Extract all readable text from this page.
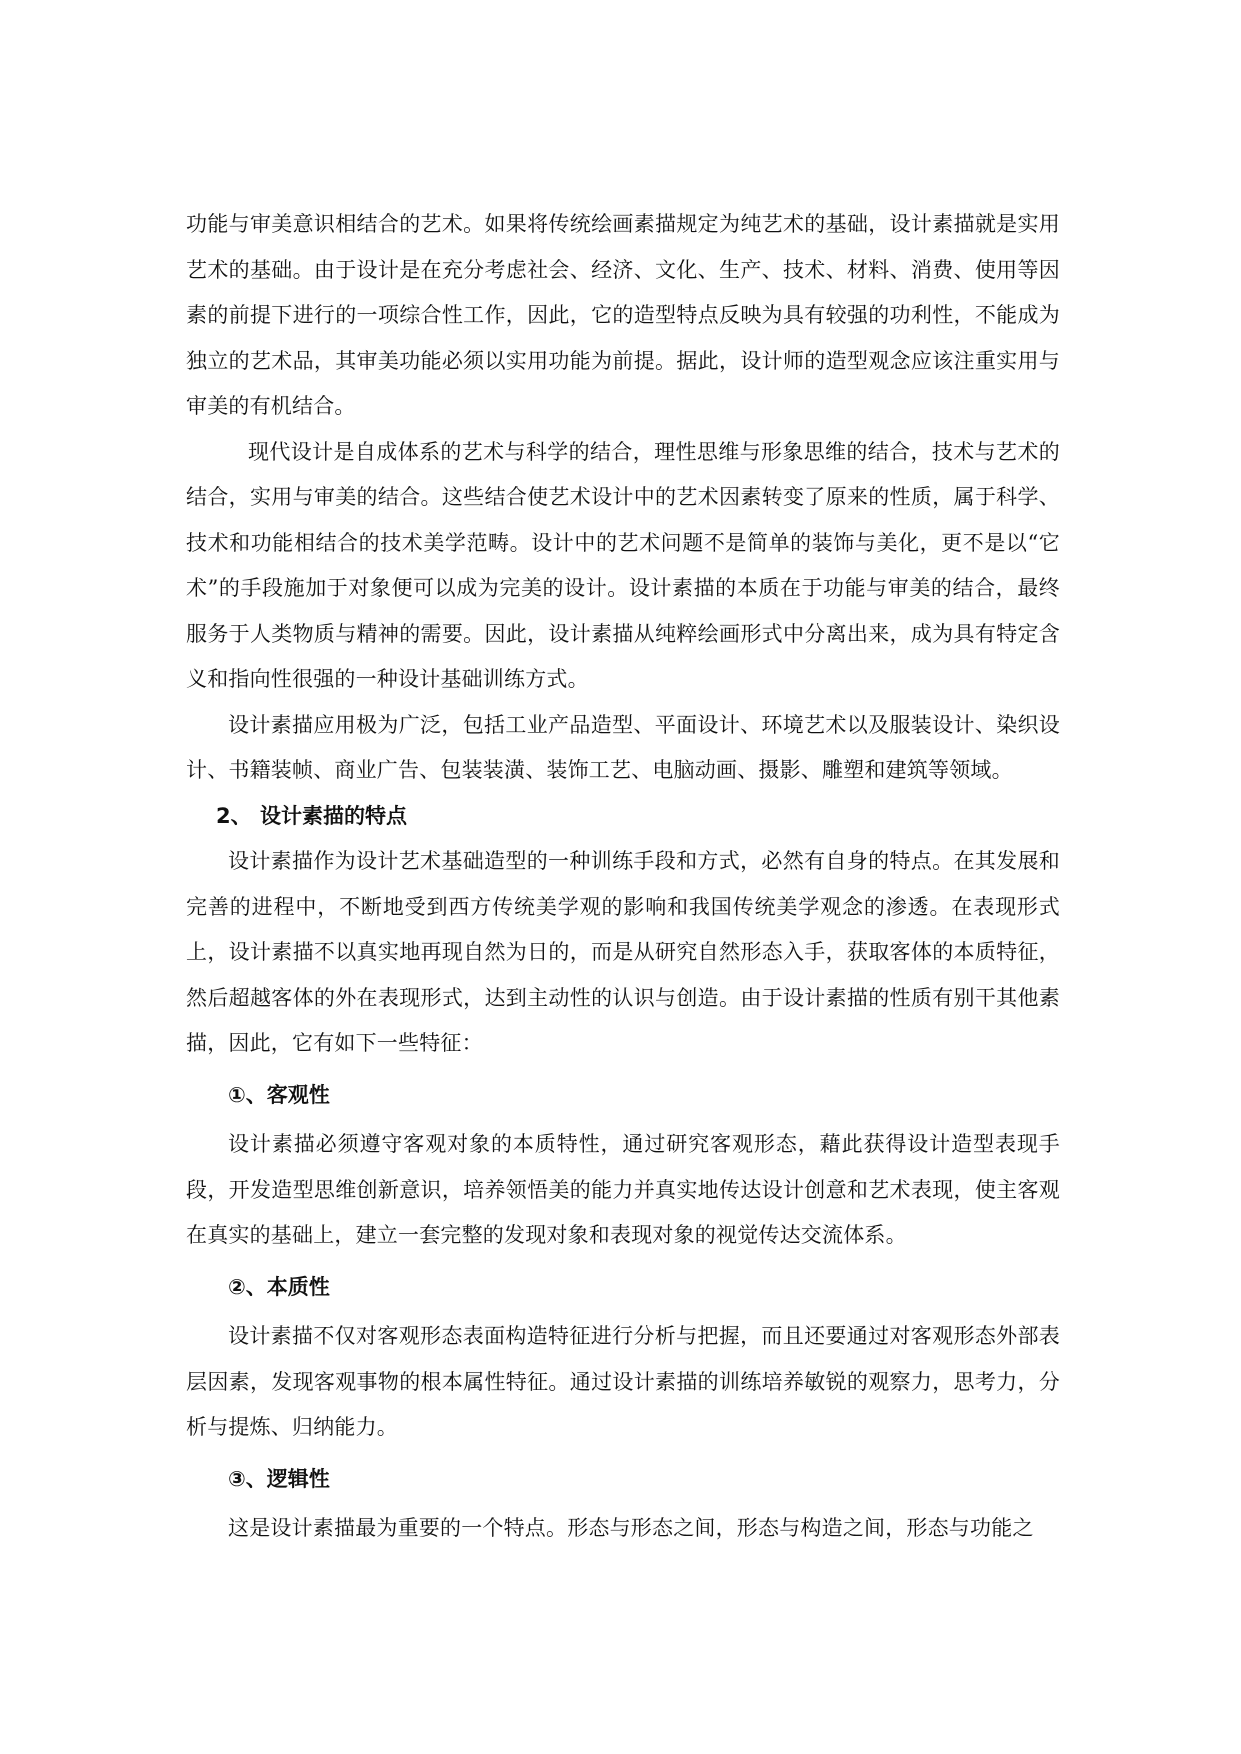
功能与审美意识相结合的艺术。如果将传统绘画素描规定为纯艺术的基础，设计素描就是实用艺术的基础。由于设计是在充分考虑社会、经济、文化、生产、技术、材料、消费、使用等因素的前提下进行的一项综合性工作，因此，它的造型特点反映为具有较强的功利性，不能成为独立的艺术品，其审美功能必须以实用功能为前提。据此，设计师的造型观念应该注重实用与审美的有机结合。

现代设计是自成体系的艺术与科学的结合，理性思维与形象思维的结合，技术与艺术的结合，实用与审美的结合。这些结合使艺术设计中的艺术因素转变了原来的性质，属于科学、技术和功能相结合的技术美学范畴。设计中的艺术问题不是简单的装饰与美化，更不是以“它术”的手段施加于对象便可以成为完美的设计。设计素描的本质在于功能与审美的结合，最终服务于人类物质与精神的需要。因此，设计素描从纯粹绘画形式中分离出来，成为具有特定含义和指向性很强的一种设计基础训练方式。

设计素描应用极为广泛，包括工业产品造型、平面设计、环境艺术以及服装设计、染织设计、书籍装帧、商业广告、包装装潢、装饰工艺、电脑动画、摄影、雕塑和建筑等领域。

2、 设计素描的特点

设计素描作为设计艺术基础造型的一种训练手段和方式，必然有自身的特点。在其发展和完善的进程中，不断地受到西方传统美学观的影响和我国传统美学观念的渗透。在表现形式上，设计素描不以真实地再现自然为日的，而是从研究自然形态入手，获取客体的本质特征，然后超越客体的外在表现形式，达到主动性的认识与创造。由于设计素描的性质有别干其他素描，因此，它有如下一些特征：

①、客观性

设计素描必须遵守客观对象的本质特性，通过研究客观形态，藉此获得设计造型表现手段，开发造型思维创新意识，培养领悟美的能力并真实地传达设计创意和艺术表现，使主客观在真实的基础上，建立一套完整的发现对象和表现对象的视觉传达交流体系。

②、本质性

设计素描不仅对客观形态表面构造特征进行分析与把握，而且还要通过对客观形态外部表层因素，发现客观事物的根本属性特征。通过设计素描的训练培养敏锐的观察力，思考力，分析与提炼、归纳能力。

③、逻辑性

这是设计素描最为重要的一个特点。形态与形态之间，形态与构造之间，形态与功能之
